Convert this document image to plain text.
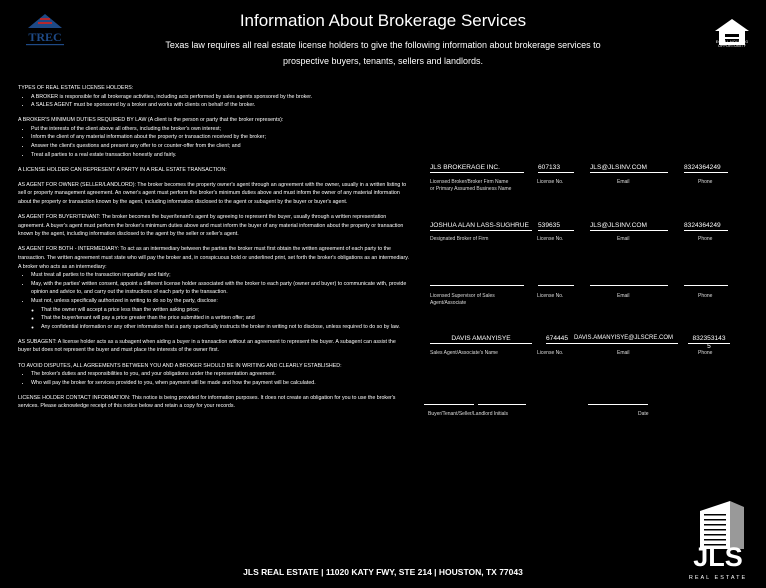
TREC
Information About Brokerage Services
Texas law requires all real estate license holders to give the following information about brokerage services to
prospective buyers, tenants, sellers and landlords.
EQUAL HOUSING
OPPORTUNITY

TYPES OF REAL ESTATE LICENSE HOLDERS:

• A BROKER is responsible for all brokerage activities, including acts performed by sales agents sponsored by the broker.
• A SALES AGENT must be sponsored by a broker and works with clients on behalf of the broker.

A BROKER'S MINIMUM DUTIES REQUIRED BY LAW (A client is the person or party that the broker represents):

• Put the interests of the client above all others, including the broker's own interest;
• Inform the client of any material information about the property or transaction received by the broker;
• Answer the client's questions and present any offer to or counter-offer from the client; and
• Treat all parties to a real estate transaction honestly and fairly.

A LICENSE HOLDER CAN REPRESENT A PARTY IN A REAL ESTATE TRANSACTION:

AS AGENT FOR OWNER (SELLER/LANDLORD): The broker becomes the property owner's agent through an agreement with the owner, usually in a written listing to sell or property management agreement. An owner's agent must perform the broker's minimum duties above and must inform the owner of any material information about the property or transaction known by the agent, including information disclosed to the agent or subagent by the buyer or buyer's agent.

AS AGENT FOR BUYER/TENANT: The broker becomes the buyer/tenant's agent by agreeing to represent the buyer, usually through a written representation agreement. A buyer's agent must perform the broker's minimum duties above and must inform the buyer of any material information about the property or transaction known by the agent, including information disclosed to the agent by the seller or seller's agent.

AS AGENT FOR BOTH - INTERMEDIARY: To act as an intermediary between the parties the broker must first obtain the written agreement of each party to the transaction. The written agreement must state who will pay the broker and, in conspicuous bold or underlined print, set forth the broker's obligations as an intermediary. A broker who acts as an intermediary:

• Must treat all parties to the transaction impartially and fairly;
• May, with the parties' written consent, appoint a different license holder associated with the broker to each party (owner and buyer) to communicate with, provide opinion and advice to, and carry out the instructions of each party to the transaction.
• Must not, unless specifically authorized in writing to do so by the party, disclose:
◦ That the owner will accept a price less than the written asking price;
◦ That the buyer/tenant will pay a price greater than the price submitted in a written offer; and
◦ Any confidential information or any other information that a party specifically instructs the broker in writing not to disclose, unless required to do so by law.

AS SUBAGENT: A license holder acts as a subagent when aiding a buyer in a transaction without an agreement to represent the buyer. A subagent can assist the buyer but does not represent the buyer and must place the interests of the owner first.

TO AVOID DISPUTES, ALL AGREEMENTS BETWEEN YOU AND A BROKER SHOULD BE IN WRITING AND CLEARLY ESTABLISHED:

• The broker's duties and responsibilities to you, and your obligations under the representation agreement.
• Who will pay the broker for services provided to you, when payment will be made and how the payment will be calculated.

LICENSE HOLDER CONTACT INFORMATION: This notice is being provided for information purposes. It does not create an obligation for you to use the broker's services. Please acknowledge receipt of this notice below and retain a copy for your records.

JLS BROKERAGE INC.	607133	JLS@JLSINV.COM	8324364249
Licensed Broker/Broker Firm Name
or Primary Assumed Business Name
License No.	Email	Phone
JOSHUA ALAN LASS-SUGHRUE	539635	JLS@JLSINV.COM	8324364249
Designated Broker of Firm	License No.	Email	Phone
Licensed Supervisor of Sales
Agent/Associate
License No.	Email	Phone
DAVIS AMANYISYE	674445 DAVIS.AMANYISYE@JLSCRE.COM	832353143
5
Sales Agent/Associate's Name	License No.	Email	Phone
Buyer/Tenant/Seller/Landlord Initials	Date
JLS
REAL ESTATE
JLS REAL ESTATE | 11020 KATY FWY, STE 214 | HOUSTON, TX 77043
